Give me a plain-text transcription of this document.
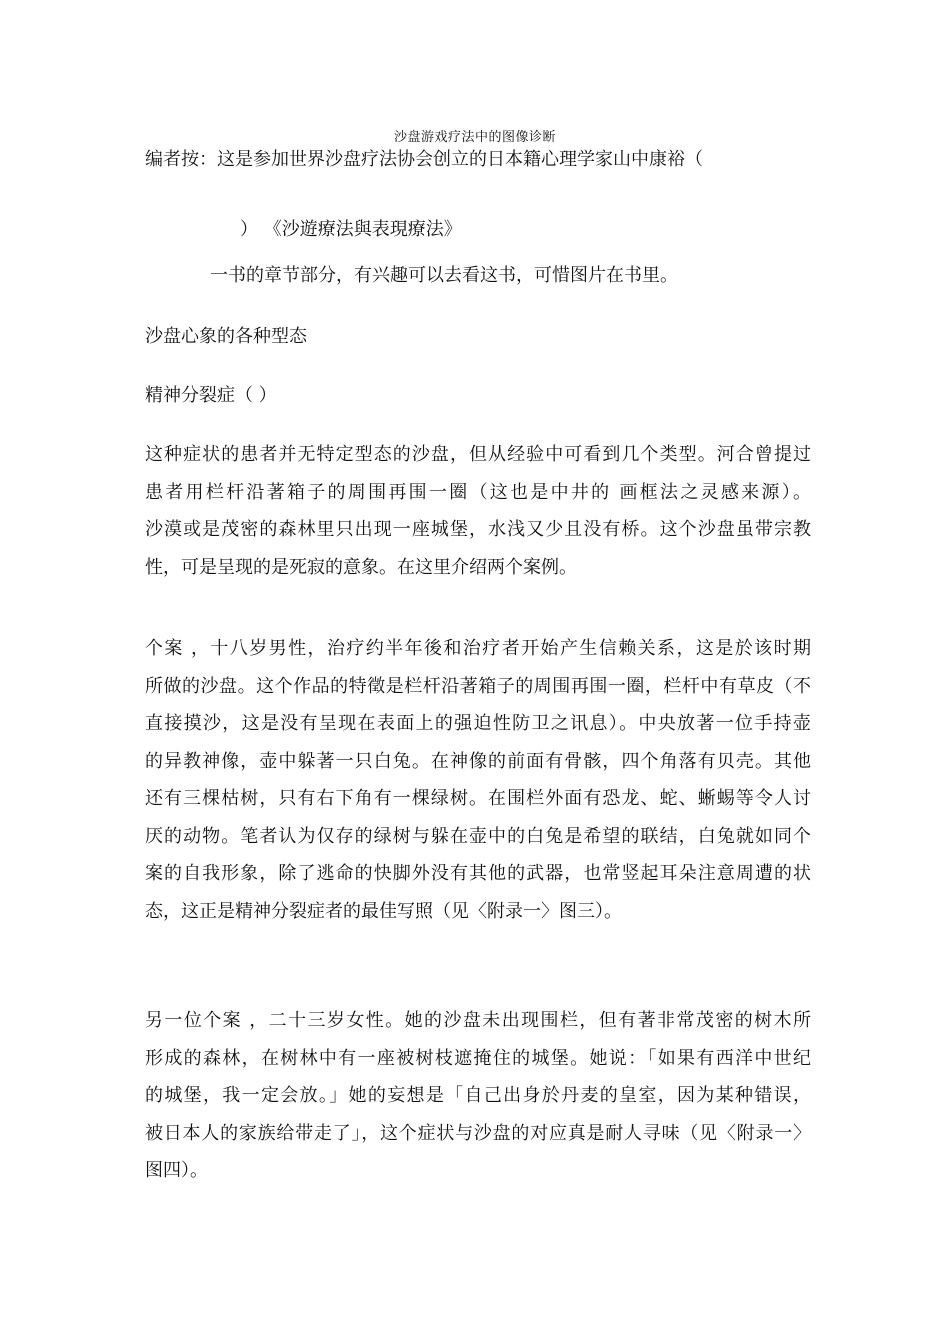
沙盘游戏疗法中的图像诊断
编者按：这是参加世界沙盘疗法协会创立的日本籍心理学家山中康裕（
） 《沙遊療法與表現療法》
一书的章节部分，有兴趣可以去看这书，可惜图片在书里。
沙盘心象的各种型态
精神分裂症（ ）
这种症状的患者并无特定型态的沙盘，但从经验中可看到几个类型。河合曾提过
患者用栏杆沿著箱子的周围再围一圈（这也是中井的 画框法之灵感来源）。
沙漠或是茂密的森林里只出现一座城堡，水浅又少且没有桥。这个沙盘虽带宗教
性，可是呈现的是死寂的意象。在这里介绍两个案例。
个案 ，十八岁男性，治疗约半年後和治疗者开始产生信赖关系，这是於该时期
所做的沙盘。这个作品的特徵是栏杆沿著箱子的周围再围一圈，栏杆中有草皮（不
直接摸沙，这是没有呈现在表面上的强迫性防卫之讯息）。中央放著一位手持壶
的异教神像，壶中躲著一只白兔。在神像的前面有骨骸，四个角落有贝壳。其他
还有三棵枯树，只有右下角有一棵绿树。在围栏外面有恐龙、蛇、蜥蜴等令人讨
厌的动物。笔者认为仅存的绿树与躲在壶中的白兔是希望的联结，白兔就如同个
案的自我形象，除了逃命的快脚外没有其他的武器，也常竖起耳朵注意周遭的状
态，这正是精神分裂症者的最佳写照（见〈附录一〉图三）。
另一位个案 ，二十三岁女性。她的沙盘未出现围栏，但有著非常茂密的树木所
形成的森林，在树林中有一座被树枝遮掩住的城堡。她说：「如果有西洋中世纪
的城堡，我一定会放。」她的妄想是「自己出身於丹麦的皇室，因为某种错误，
被日本人的家族给带走了」，这个症状与沙盘的对应真是耐人寻味（见〈附录一〉
图四）。
